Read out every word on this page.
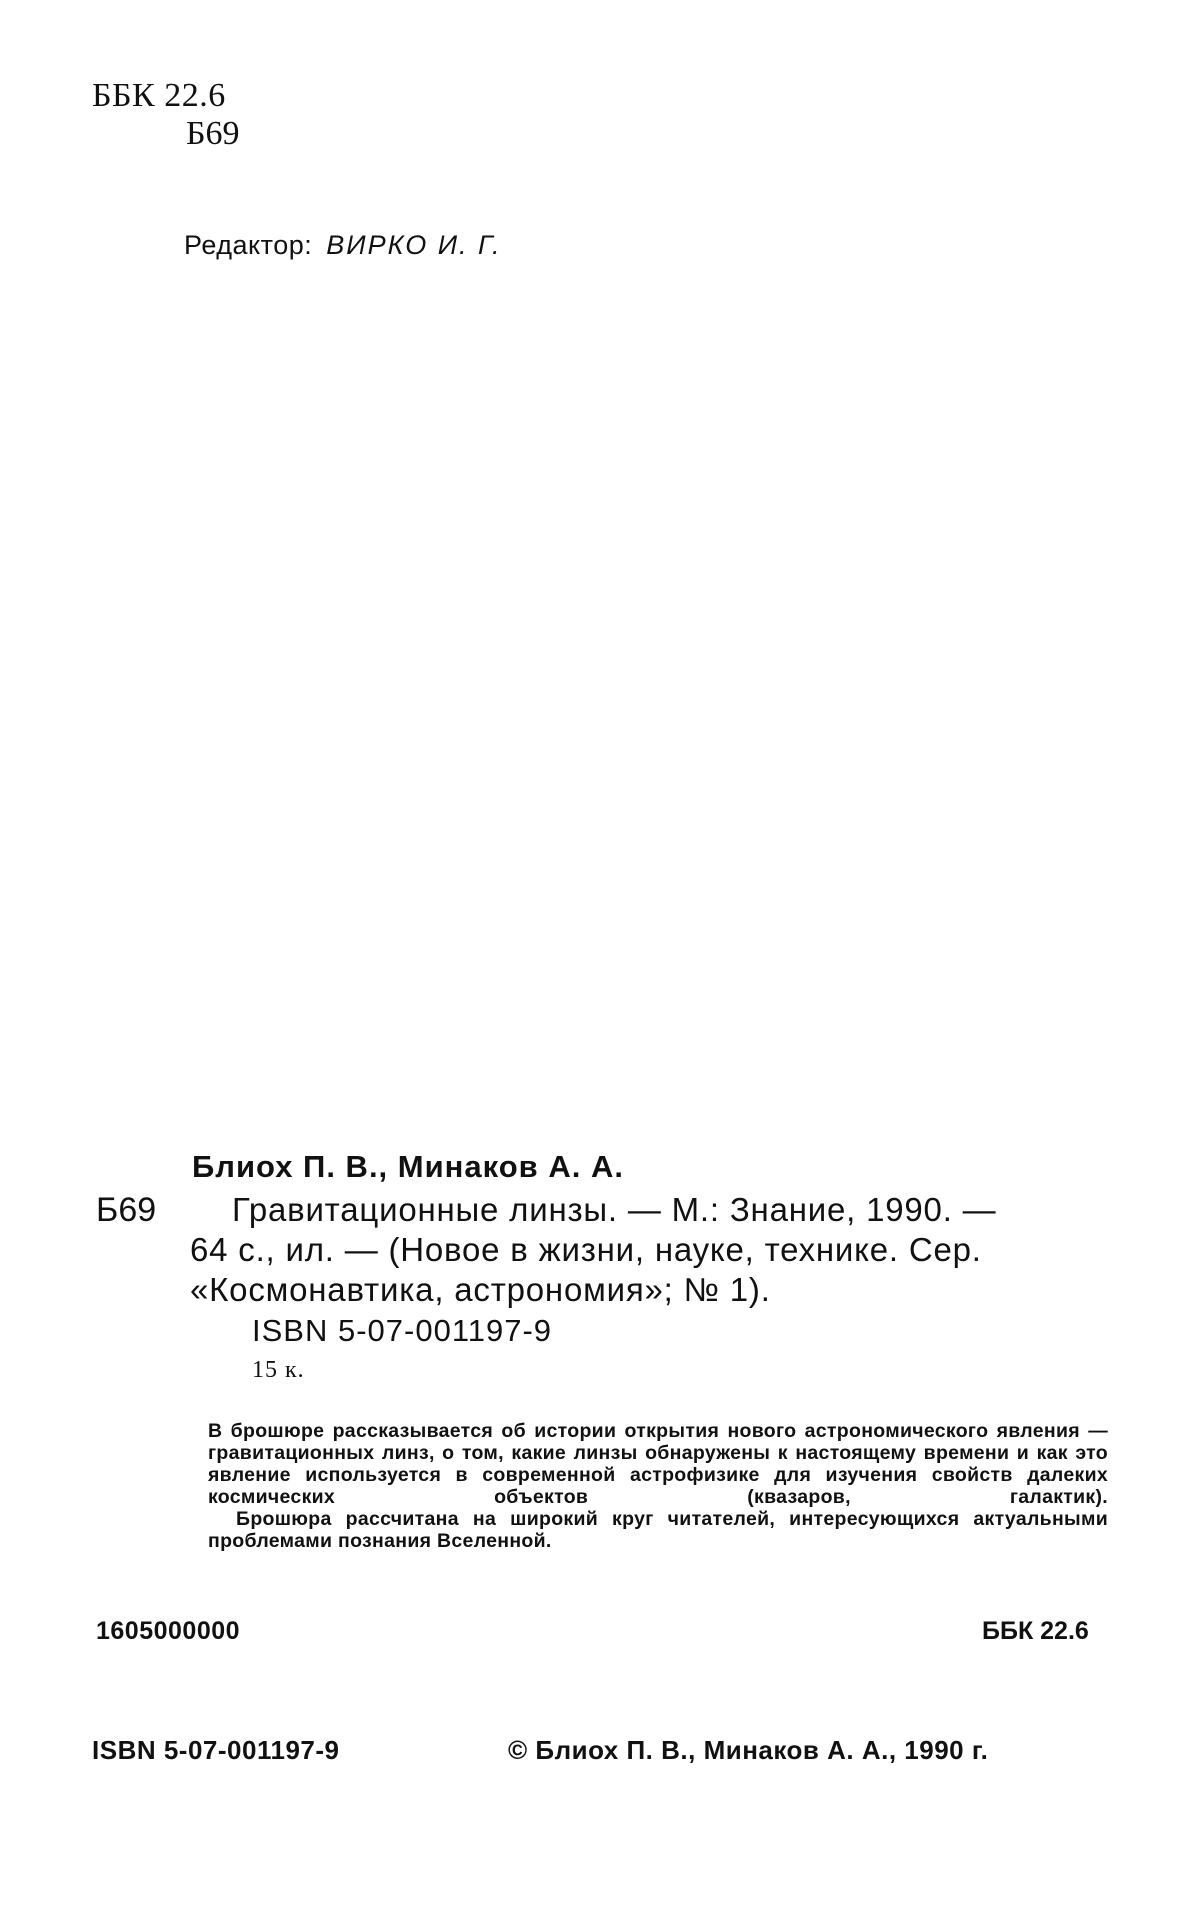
ББК 22.6
Б69
Редактор: ВИРКО И. Г.
Блиох П. В., Минаков А. А.
Б69 Гравитационные линзы. — М.: Знание, 1990. —
64 с., ил. — (Новое в жизни, науке, технике. Сер.
«Космонавтика, астрономия»; № 1).
ISBN 5-07-001197-9
15 к.

В брошюре рассказывается об истории открытия нового астрономического явления — гравитационных линз, о том, какие линзы обнаружены к настоящему времени и как это явление используется в современной астрофизике для изучения свойств далеких космических объектов (квазаров, галактик).

Брошюра рассчитана на широкий круг читателей, интересующихся актуальными проблемами познания Вселенной.

1605000000	ББК 22.6
ISBN 5-07-001197-9	© Блиох П. В., Минаков А. А., 1990 г.
